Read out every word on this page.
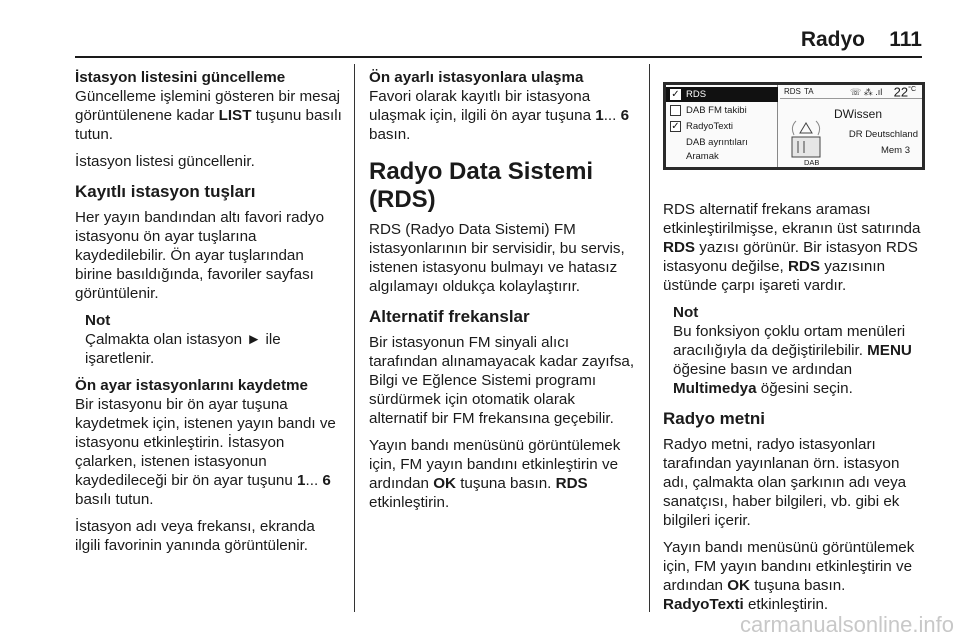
Radyo 111
İstasyon listesini güncelleme

Güncelleme işlemini gösteren bir mesaj görüntülenene kadar LIST tuşunu basılı tutun.

İstasyon listesi güncellenir.

Kayıtlı istasyon tuşları

Her yayın bandından altı favori radyo istasyonu ön ayar tuşlarına kaydedilebilir. Ön ayar tuşlarından birine basıldığında, favoriler sayfası görüntülenir.

Not
Çalmakta olan istasyon ► ile işaretlenir.
Ön ayar istasyonlarını kaydetme

Bir istasyonu bir ön ayar tuşuna kaydetmek için, istenen yayın bandı ve istasyonu etkinleştirin. İstasyon çalarken, istenen istasyonun kaydedileceği bir ön ayar tuşunu 1... 6 basılı tutun.

İstasyon adı veya frekansı, ekranda ilgili favorinin yanında görüntülenir.

Ön ayarlı istasyonlara ulaşma

Favori olarak kayıtlı bir istasyona ulaşmak için, ilgili ön ayar tuşuna 1... 6 basın.

Radyo Data Sistemi (RDS)

RDS (Radyo Data Sistemi) FM istasyonlarının bir servisidir, bu servis, istenen istasyonu bulmayı ve hatasız algılamayı oldukça kolaylaştırır.

Alternatif frekanslar

Bir istasyonun FM sinyali alıcı tarafından alınamayacak kadar zayıfsa, Bilgi ve Eğlence Sistemi programı sürdürmek için otomatik olarak alternatif bir FM frekansına geçebilir.

Yayın bandı menüsünü görüntülemek için, FM yayın bandını etkinleştirin ve ardından OK tuşuna basın. RDS etkinleştirin.

✓ RDS
DAB FM takibi
✓ RadyoTexti
DAB ayrıntıları
Aramak
RDS TA	☏ ⁂ .ıl $22^{^\circ C}$
DAB
DWissen
DR Deutschland
Mem 3

RDS alternatif frekans araması etkinleştirilmişse, ekranın üst satırında RDS yazısı görünür. Bir istasyon RDS istasyonu değilse, RDS yazısının üstünde çarpı işareti vardır.

Not
Bu fonksiyon çoklu ortam menüleri aracılığıyla da değiştirilebilir. MENU öğesine basın ve ardından Multimedya öğesini seçin.
Radyo metni

Radyo metni, radyo istasyonları tarafından yayınlanan örn. istasyon adı, çalmakta olan şarkının adı veya sanatçısı, haber bilgileri, vb. gibi ek bilgileri içerir.

Yayın bandı menüsünü görüntülemek için, FM yayın bandını etkinleştirin ve ardından OK tuşuna basın.
RadyoTexti etkinleştirin.

carmanualsonline.info
